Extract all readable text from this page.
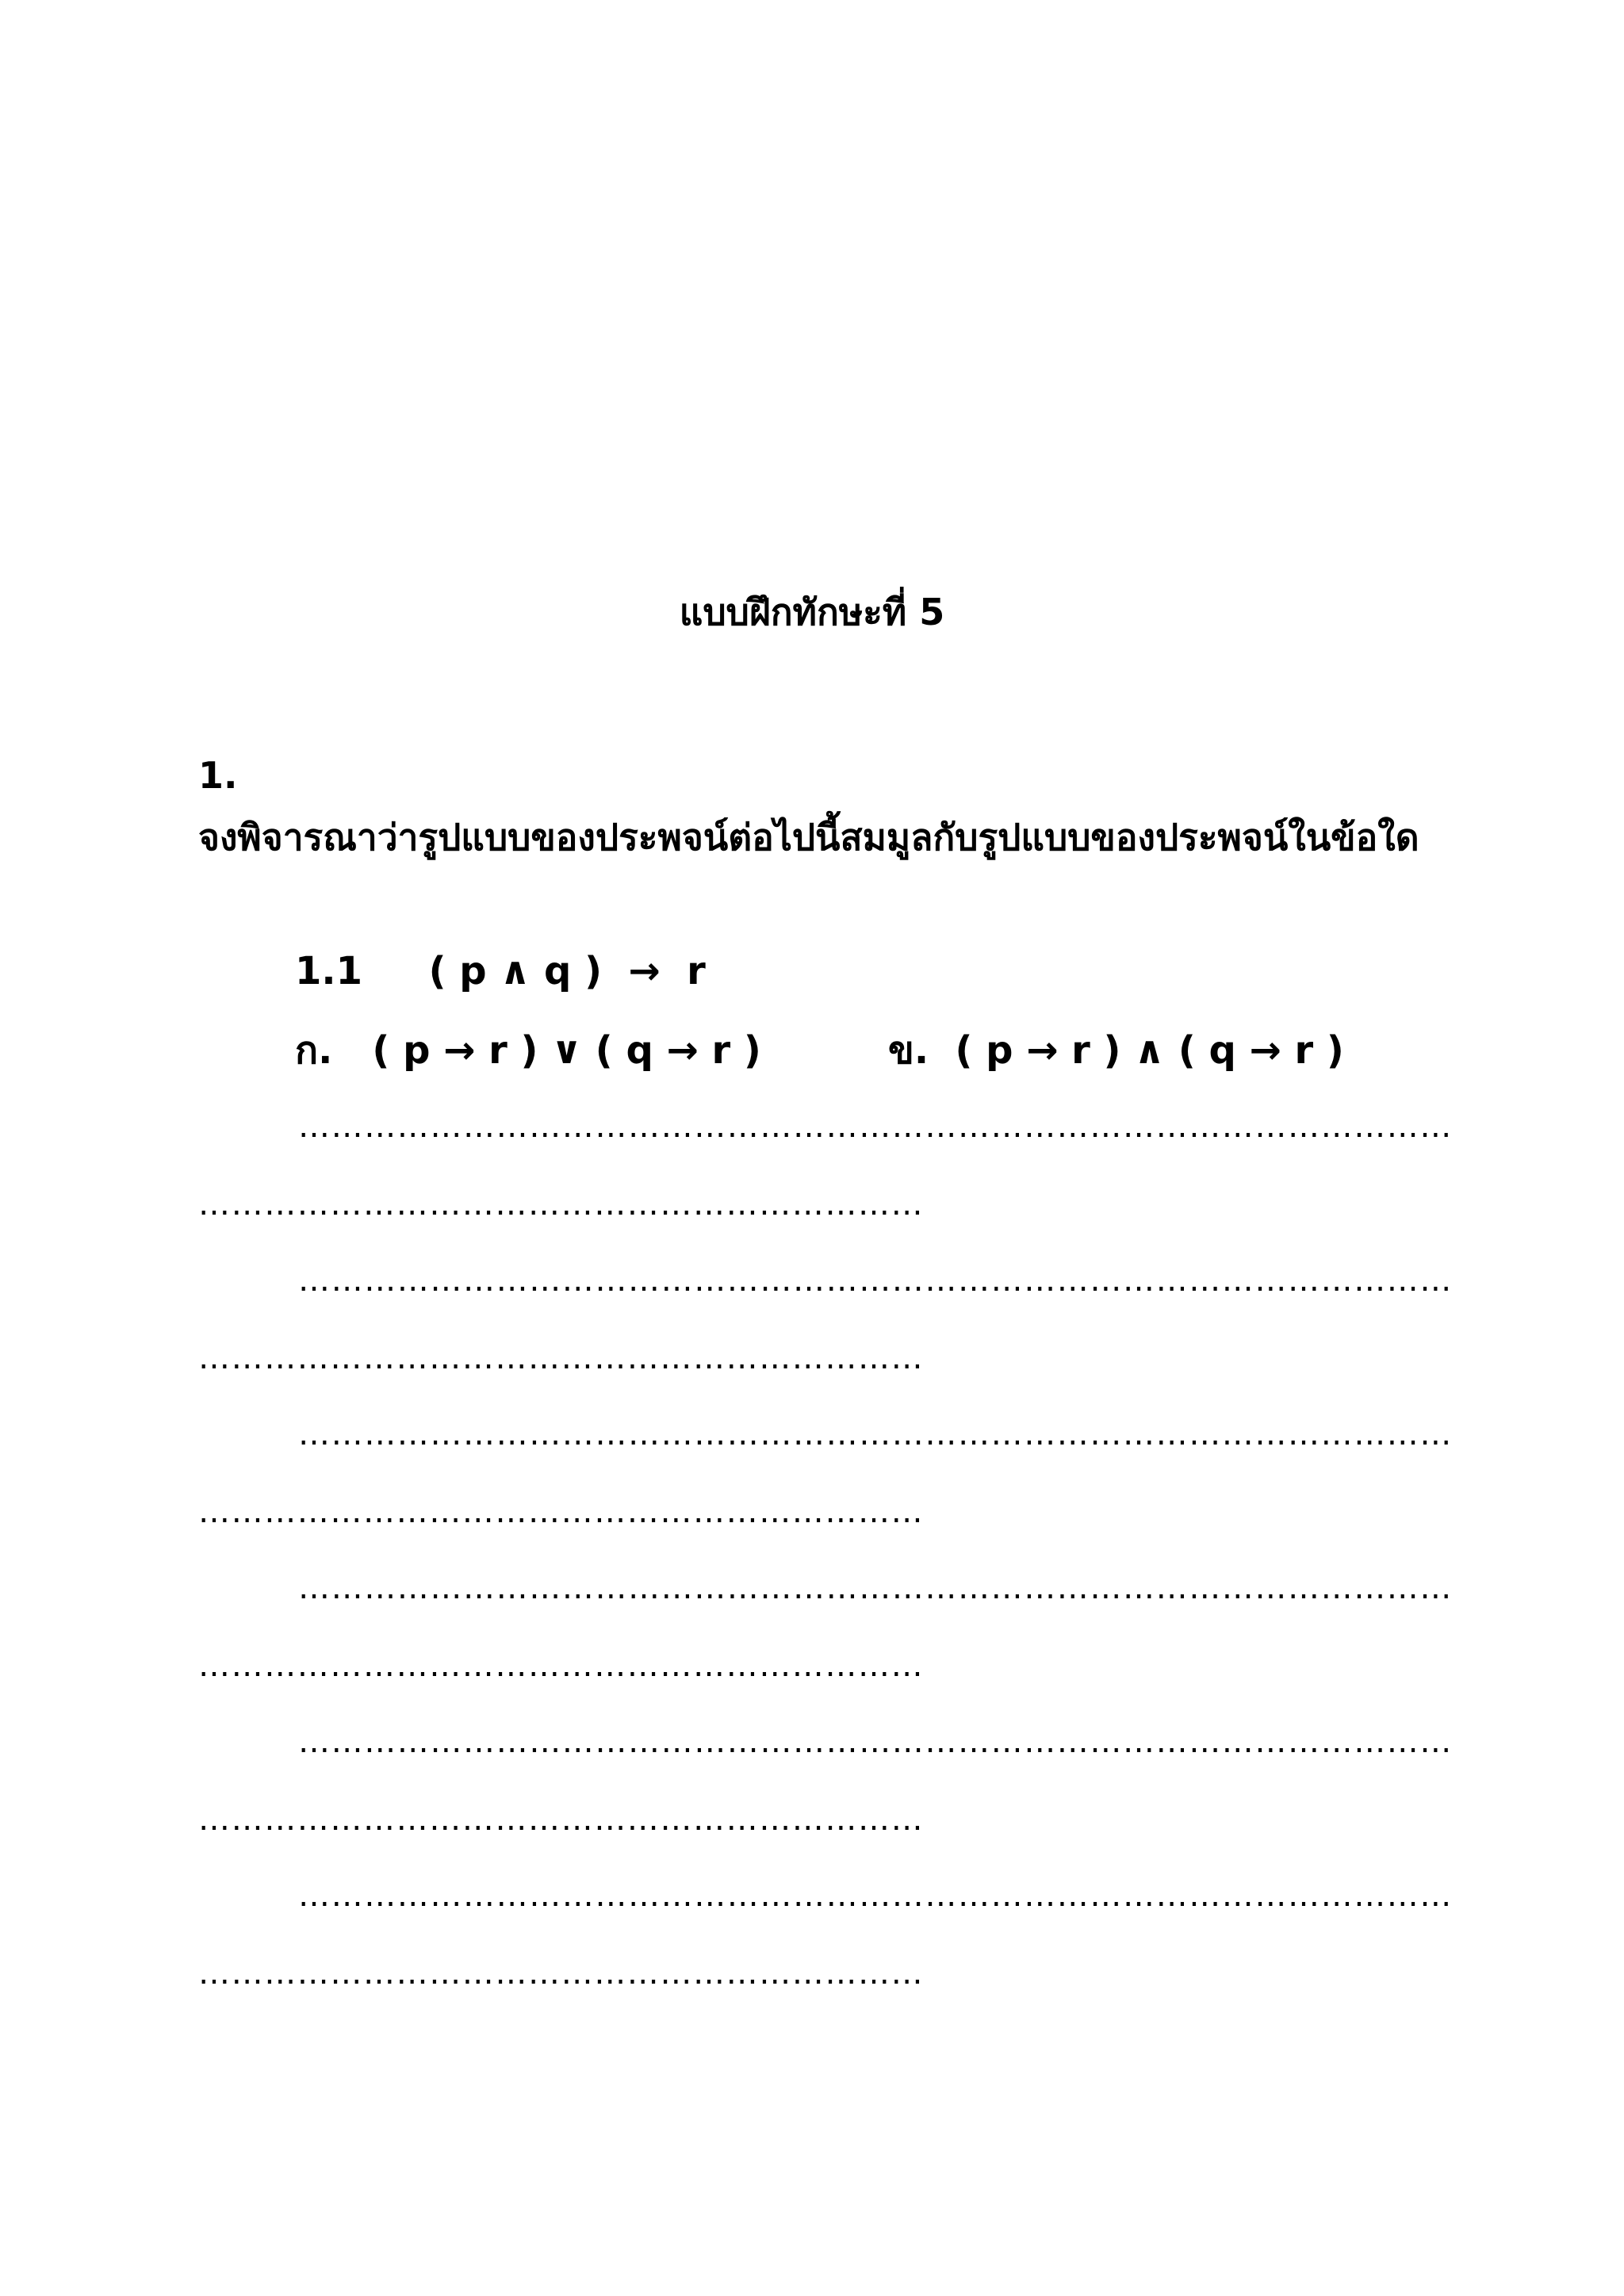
แบบฝึกทักษะที่ 5
1.
จงพิจารณาว่ารูปแบบของประพจน์ต่อไปนี้สมมูลกับรูปแบบของประพจน์ในข้อใด
1.1     ( p ∧ q )  →  r
ก.   ( p → r ) ∨ ( q → r )	ข.  ( p → r ) ∧ ( q → r )
……………………………………………………………………………………………
…………………………………………………………
……………………………………………………………………………………………
…………………………………………………………
……………………………………………………………………………………………
…………………………………………………………
……………………………………………………………………………………………
…………………………………………………………
……………………………………………………………………………………………
…………………………………………………………
……………………………………………………………………………………………
…………………………………………………………
